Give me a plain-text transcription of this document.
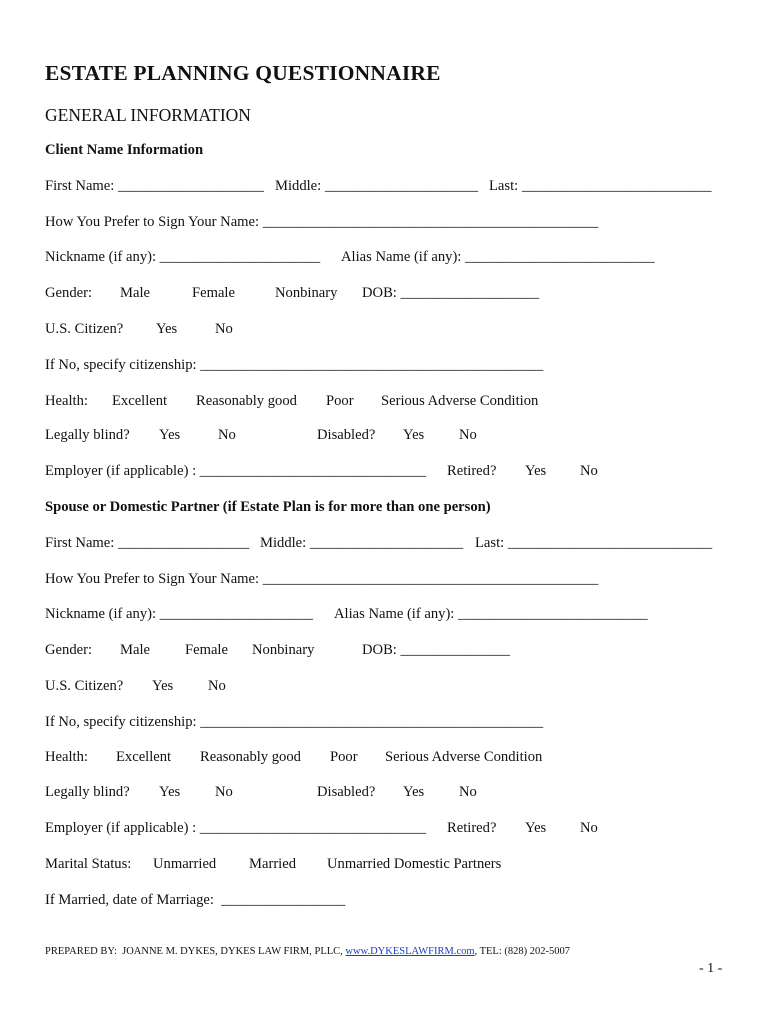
ESTATE PLANNING QUESTIONNAIRE
GENERAL INFORMATION
Client Name Information
First Name: ____________________ Middle: _____________________ Last: __________________________
How You Prefer to Sign Your Name: ______________________________________________
Nickname (if any): ______________________ Alias Name (if any): __________________________
Gender: Male	Female	Nonbinary DOB: ___________________
U.S. Citizen? Yes	No
If No, specify citizenship: _______________________________________________
Health: Excellent Reasonably good Poor Serious Adverse Condition
Legally blind? Yes	No	Disabled? Yes No
Employer (if applicable) : _______________________________ Retired? Yes No
Spouse or Domestic Partner (if Estate Plan is for more than one person)
First Name: __________________ Middle: _____________________ Last: ____________________________
How You Prefer to Sign Your Name: ______________________________________________
Nickname (if any): _____________________ Alias Name (if any): __________________________
Gender: Male Female Nonbinary	DOB: _______________
U.S. Citizen? Yes No
If No, specify citizenship: _______________________________________________
Health: Excellent Reasonably good Poor Serious Adverse Condition
Legally blind? Yes No	Disabled? Yes No
Employer (if applicable) : _______________________________ Retired? Yes No
Marital Status: Unmarried Married Unmarried Domestic Partners
If Married, date of Marriage:  _________________
PREPARED BY:  JOANNE M. DYKES, DYKES LAW FIRM, PLLC, www.DYKESLAWFIRM.com, TEL: (828) 202-5007
- 1 -
